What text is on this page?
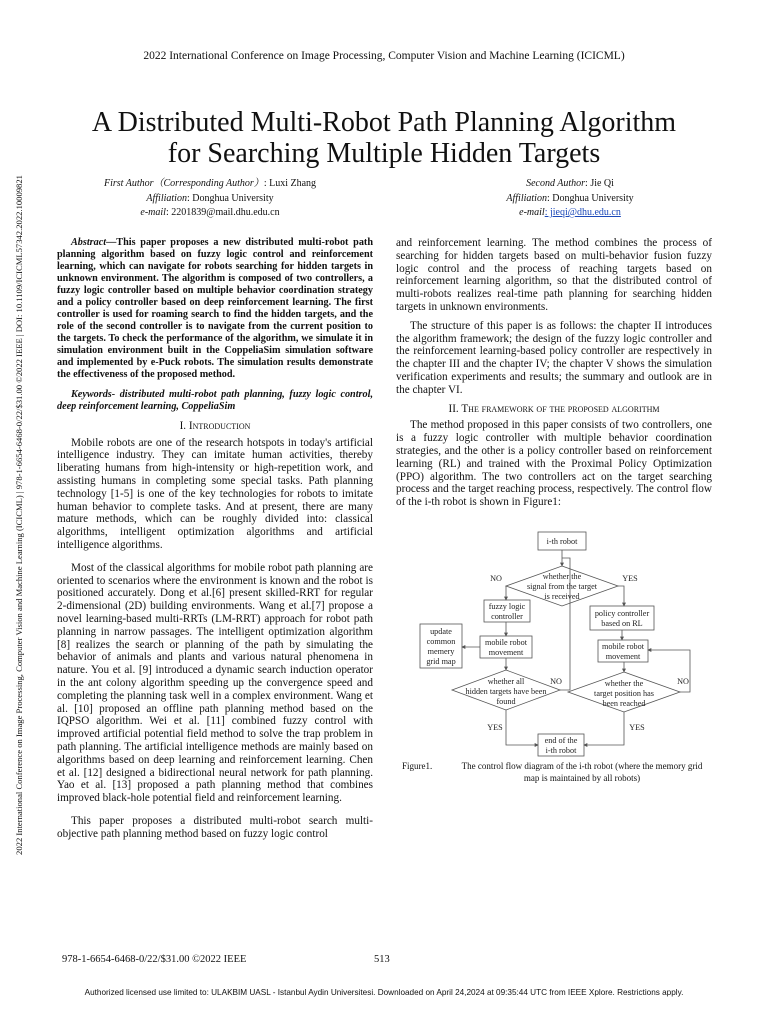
2022 International Conference on Image Processing, Computer Vision and Machine Learning (ICICML)
A Distributed Multi-Robot Path Planning Algorithm
for Searching Multiple Hidden Targets
First Author（Corresponding Author）: Luxi Zhang
Affiliation: Donghua University
e-mail: 2201839@mail.dhu.edu.cn
Second Author: Jie Qi
Affiliation: Donghua University
e-mail: jieqi@dhu.edu.cn
2022 International Conference on Image Processing, Computer Vision and Machine Learning (ICICML) | 978-1-6654-6468-0/22/$31.00 ©2022 IEEE | DOI: 10.1109/ICICML57342.2022.10009821	Abstract—This paper proposes a new distributed multi-robot path planning algorithm based on fuzzy logic control and reinforcement learning, which can navigate for robots searching for hidden targets in unknown environment. The algorithm is composed of two controllers, a fuzzy logic controller based on multiple behavior coordination strategy and a policy controller based on deep reinforcement learning. The first controller is used for roaming search to find the hidden targets, and the role of the second controller is to navigate from the current position to the targets. To check the performance of the algorithm, we simulate it in simulation environment built in the CoppeliaSim simulation software and implemented by e-Puck robots. The simulation results demonstrate the effectiveness of the proposed method.
Keywords- distributed multi-robot path planning, fuzzy logic control, deep reinforcement learning, CoppeliaSim
I. Introduction

Mobile robots are one of the research hotspots in today's artificial intelligence industry. They can imitate human activities, thereby liberating humans from high-intensity or high-repetition work, and assisting humans in completing some special tasks. Path planning technology [1-5] is one of the key technologies for robots to imitate human behavior to complete tasks. And at present, there are many mature methods, which can be roughly divided into: classical algorithms, intelligent optimization algorithms and artificial intelligence algorithms.

Most of the classical algorithms for mobile robot path planning are oriented to scenarios where the environment is known and the robot is positioned accurately. Dong et al.[6] present skilled-RRT for regular 2-dimensional (2D) building environments. Wang et al.[7] propose a novel learning-based multi-RRTs (LM-RRT) approach for robot path planning in narrow passages. The intelligent optimization algorithm [8] realizes the search or planning of the path by simulating the behavior of animals and plants and various natural phenomena in nature. You et al. [9] introduced a dynamic search induction operator in the ant colony algorithm speeding up the convergence speed and completing the planning task well in a complex environment. Wang et al. [10] proposed an offline path planning method based on the IQPSO algorithm. Wei et al. [11] combined fuzzy control with improved artificial potential field method to solve the trap problem in path planning. The artificial intelligence methods are mainly based on algorithms based on deep learning and reinforcement learning. Chen et al. [12] designed a bidirectional neural network for path planning. Yao et al. [13] proposed a path planning method that combines improved black-hole potential field and reinforcement learning.

This paper proposes a distributed multi-robot search multi-objective path planning method based on fuzzy logic control

and reinforcement learning. The method combines the process of searching for hidden targets based on multi-behavior fusion fuzzy logic control and the process of reaching targets based on reinforcement learning algorithm, so that the distributed control of multi-robots realizes real-time path planning for searching hidden targets in unknown environments.

The structure of this paper is as follows: the chapter II introduces the algorithm framework; the design of the fuzzy logic controller and the reinforcement learning-based policy controller are respectively in the chapter III and the chapter IV; the chapter V shows the simulation verification experiments and results; the summary and outlook are in the chapter VI.

II. The framework of the proposed algorithm

The method proposed in this paper consists of two controllers, one is a fuzzy logic controller with multiple behavior coordination strategies, and the other is a policy controller based on reinforcement learning (RL) and trained with the Proximal Policy Optimization (PPO) algorithm. The two controllers act on the target searching process and the target reaching process, respectively. The control flow of the i-th robot is shown in Figure1:

i-th robot
whether the
signal from the target
is received
NO	YES
fuzzy logic
controller	policy controller
based on RL
update
common
memery
grid map
mobile robot
movement
mobile robot
movement
whether all
hidden targets have been
found
whether the
target position has
been reached
NO	NO
YES	YES
end of the
i-th robot
Figure1.	The control flow diagram of the i-th robot (where the memory grid map is maintained by all robots)
978-1-6654-6468-0/22/$31.00 ©2022 IEEE	513
Authorized licensed use limited to: ULAKBIM UASL - Istanbul Aydin Universitesi. Downloaded on April 24,2024 at 09:35:44 UTC from IEEE Xplore. Restrictions apply.
